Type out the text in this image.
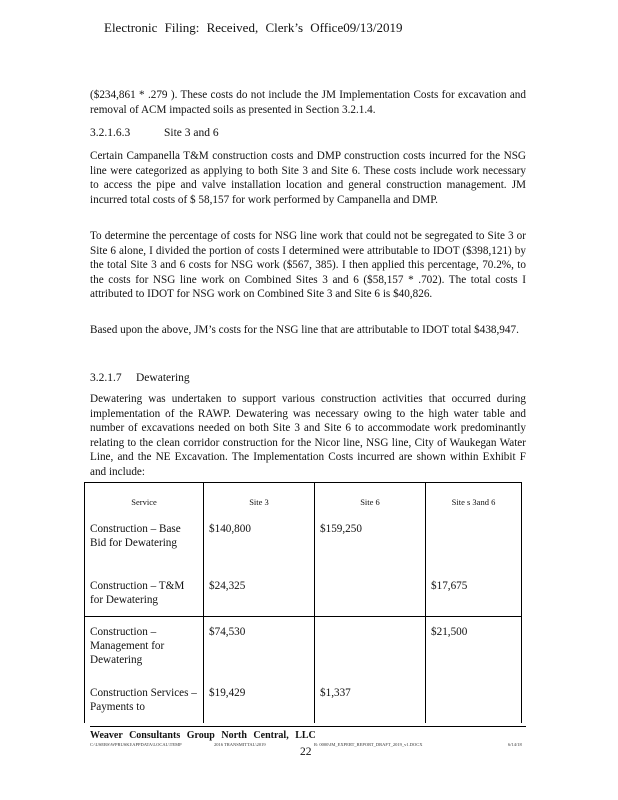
Electronic Filing: Received, Clerk’s Office09/13/2019
($234,861 * .279 ). These costs do not include the JM Implementation Costs for excavation and removal of ACM impacted soils as presented in Section 3.2.1.4.
3.2.1.6.3	Site 3 and 6
Certain Campanella T&M construction costs and DMP construction costs incurred for the NSG line were categorized as applying to both Site 3 and Site 6. These costs include work necessary to access the pipe and valve installation location and general construction management. JM incurred total costs of $ 58,157 for work performed by Campanella and DMP.
To determine the percentage of costs for NSG line work that could not be segregated to Site 3 or Site 6 alone, I divided the portion of costs I determined were attributable to IDOT ($398,121) by the total Site 3 and 6 costs for NSG work ($567, 385). I then applied this percentage, 70.2%, to the costs for NSG line work on Combined Sites 3 and 6 ($58,157 * .702). The total costs I attributed to IDOT for NSG work on Combined Site 3 and Site 6 is $40,826.
Based upon the above, JM’s costs for the NSG line that are attributable to IDOT total $438,947.
3.2.1.7 Dewatering
Dewatering was undertaken to support various construction activities that occurred during implementation of the RAWP. Dewatering was necessary owing to the high water table and number of excavations needed on both Site 3 and Site 6 to accommodate work predominantly relating to the clean corridor construction for the Nicor line, NSG line, City of Waukegan Water Line, and the NE Excavation. The Implementation Costs incurred are shown within Exhibit F and include:
Service	Site 3	Site 6	Site s 3and 6
Construction – Base Bid for Dewatering	$140,800	$159,250	
Construction – T&M for Dewatering	$24,325		$17,675
Construction – Management for Dewatering	$74,530		$21,500
Construction Services – Payments to	$19,429	$1,337	
Weaver Consultants Group North Central, LLC
C:\USERS\WPRUSKI\APPDATA\LOCAL\TEMP	2016 TRANSMITTAL\2019	R: 0000\JM_EXPERT_REPORT_DRAFT_2019_v1.DOCX	6/14/18
22
